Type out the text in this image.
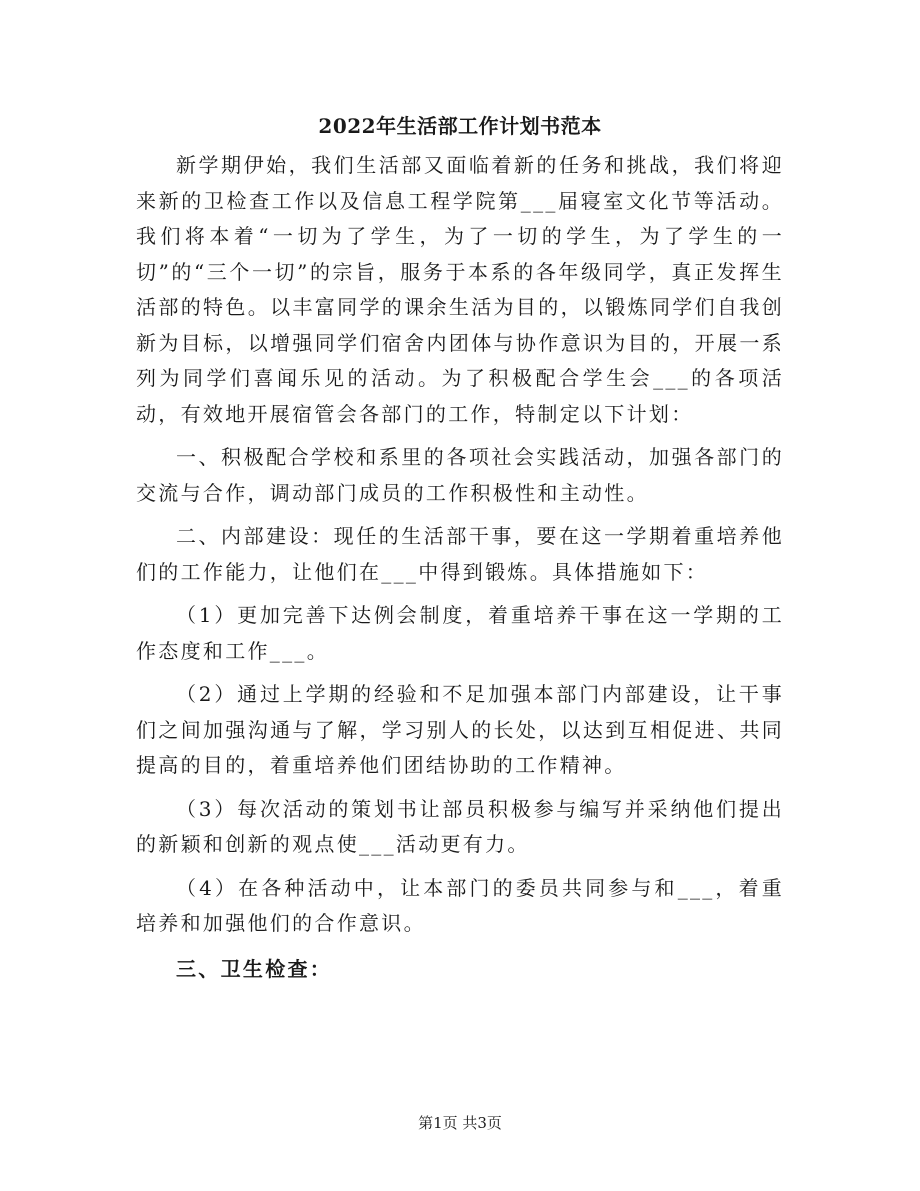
2022年生活部工作计划书范本

新学期伊始，我们生活部又面临着新的任务和挑战，我们将迎来新的卫检查工作以及信息工程学院第___届寝室文化节等活动。我们将本着“一切为了学生，为了一切的学生，为了学生的一切”的“三个一切”的宗旨，服务于本系的各年级同学，真正发挥生活部的特色。以丰富同学的课余生活为目的，以锻炼同学们自我创新为目标，以增强同学们宿舍内团体与协作意识为目的，开展一系列为同学们喜闻乐见的活动。为了积极配合学生会___的各项活动，有效地开展宿管会各部门的工作，特制定以下计划：

一、积极配合学校和系里的各项社会实践活动，加强各部门的交流与合作，调动部门成员的工作积极性和主动性。

二、内部建设：现任的生活部干事，要在这一学期着重培养他们的工作能力，让他们在___中得到锻炼。具体措施如下：

（1）更加完善下达例会制度，着重培养干事在这一学期的工作态度和工作___。

（2）通过上学期的经验和不足加强本部门内部建设，让干事们之间加强沟通与了解，学习别人的长处，以达到互相促进、共同提高的目的，着重培养他们团结协助的工作精神。

（3）每次活动的策划书让部员积极参与编写并采纳他们提出的新颖和创新的观点使___活动更有力。

（4）在各种活动中，让本部门的委员共同参与和___，着重培养和加强他们的合作意识。

三、卫生检查：

第1页 共3页
